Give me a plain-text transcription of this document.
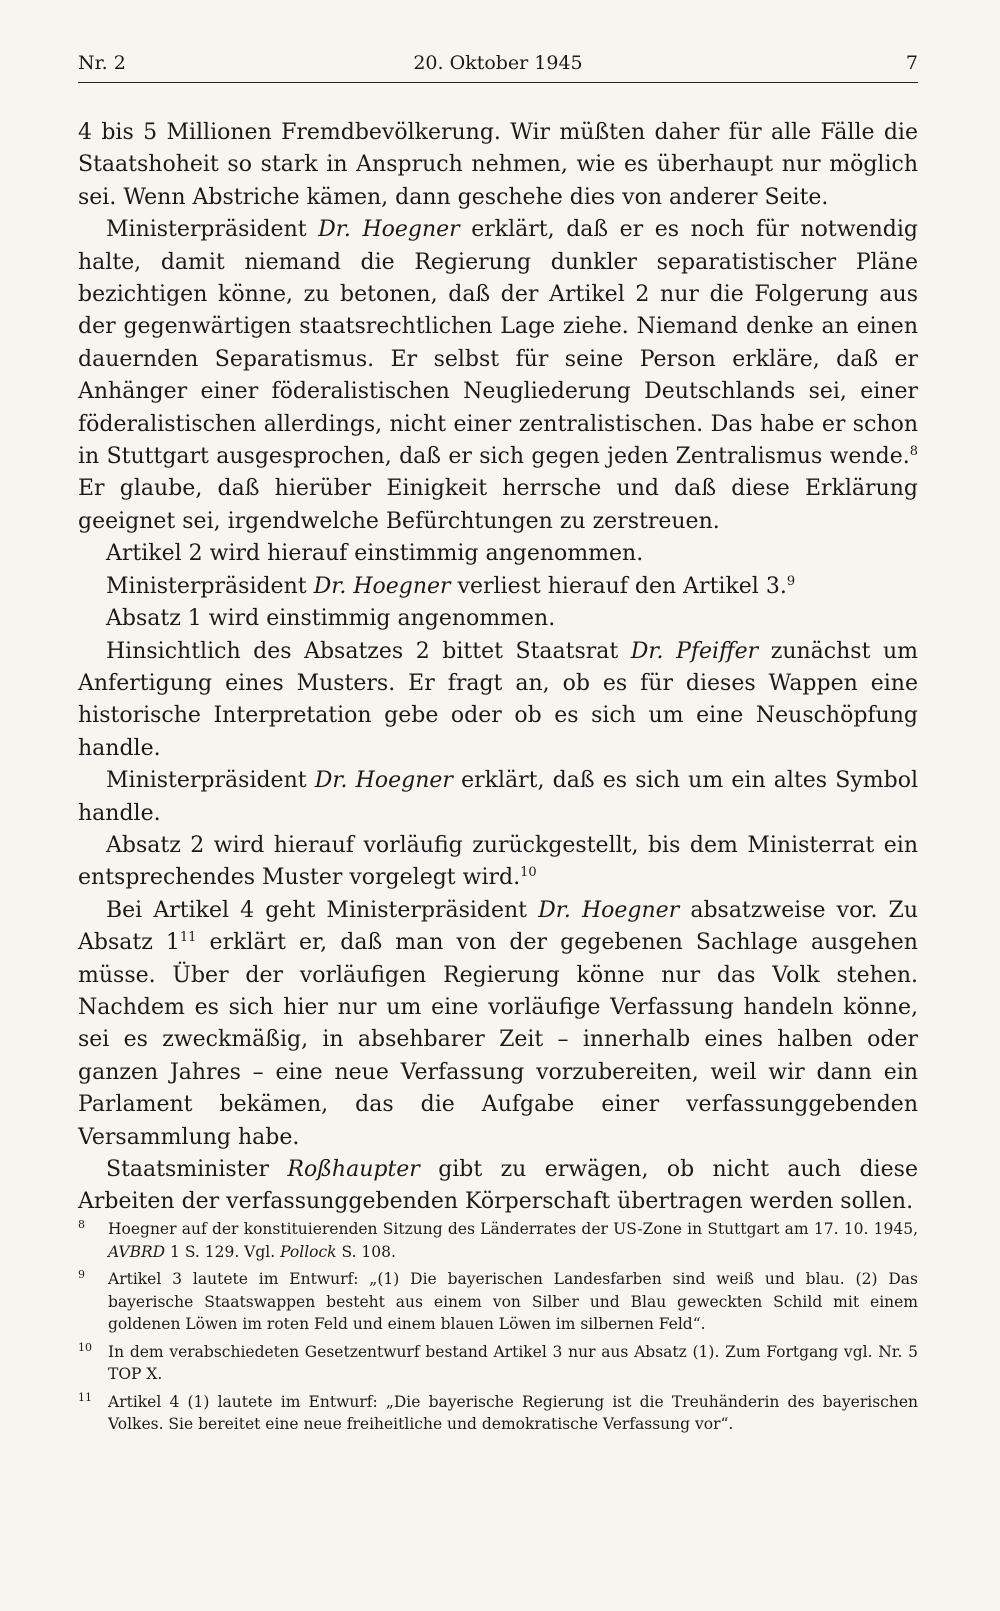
Nr. 2	20. Oktober 1945	7

4 bis 5 Millionen Fremdbevölkerung. Wir müßten daher für alle Fälle die Staatshoheit so stark in Anspruch nehmen, wie es überhaupt nur möglich sei. Wenn Abstriche kämen, dann geschehe dies von anderer Seite.

Ministerpräsident Dr. Hoegner erklärt, daß er es noch für notwendig halte, damit niemand die Regierung dunkler separatistischer Pläne bezichtigen könne, zu betonen, daß der Artikel 2 nur die Folgerung aus der gegenwärtigen staatsrechtlichen Lage ziehe. Niemand denke an einen dauernden Separatismus. Er selbst für seine Person erkläre, daß er Anhänger einer föderalistischen Neugliederung Deutschlands sei, einer föderalistischen allerdings, nicht einer zentralistischen. Das habe er schon in Stuttgart ausgesprochen, daß er sich gegen jeden Zentralismus wende.$^8$ Er glaube, daß hierüber Einigkeit herrsche und daß diese Erklärung geeignet sei, irgendwelche Befürchtungen zu zerstreuen.

Artikel 2 wird hierauf einstimmig angenommen.

Ministerpräsident Dr. Hoegner verliest hierauf den Artikel 3.$^9$

Absatz 1 wird einstimmig angenommen.

Hinsichtlich des Absatzes 2 bittet Staatsrat Dr. Pfeiffer zunächst um Anfertigung eines Musters. Er fragt an, ob es für dieses Wappen eine historische Interpretation gebe oder ob es sich um eine Neuschöpfung handle.

Ministerpräsident Dr. Hoegner erklärt, daß es sich um ein altes Symbol handle.

Absatz 2 wird hierauf vorläufig zurückgestellt, bis dem Ministerrat ein entsprechendes Muster vorgelegt wird.$^{10}$

Bei Artikel 4 geht Ministerpräsident Dr. Hoegner absatzweise vor. Zu Absatz $1^{11}$ erklärt er, daß man von der gegebenen Sachlage ausgehen müsse. Über der vorläufigen Regierung könne nur das Volk stehen. Nachdem es sich hier nur um eine vorläufige Verfassung handeln könne, sei es zweckmäßig, in absehbarer Zeit – innerhalb eines halben oder ganzen Jahres – eine neue Verfassung vorzubereiten, weil wir dann ein Parlament bekämen, das die Aufgabe einer verfassunggebenden Versammlung habe.

Staatsminister Roßhaupter gibt zu erwägen, ob nicht auch diese Arbeiten der verfassunggebenden Körperschaft übertragen werden sollen.

8	Hoegner auf der konstituierenden Sitzung des Länderrates der US-Zone in Stuttgart am 17. 10. 1945, AVBRD 1 S. 129. Vgl. Pollock S. 108.
9	Artikel 3 lautete im Entwurf: „(1) Die bayerischen Landesfarben sind weiß und blau. (2) Das bayerische Staatswappen besteht aus einem von Silber und Blau geweckten Schild mit einem goldenen Löwen im roten Feld und einem blauen Löwen im silbernen Feld“.
10	In dem verabschiedeten Gesetzentwurf bestand Artikel 3 nur aus Absatz (1). Zum Fortgang vgl. Nr. 5 TOP X.
11	Artikel 4 (1) lautete im Entwurf: „Die bayerische Regierung ist die Treuhänderin des bayerischen Volkes. Sie bereitet eine neue freiheitliche und demokratische Verfassung vor“.
